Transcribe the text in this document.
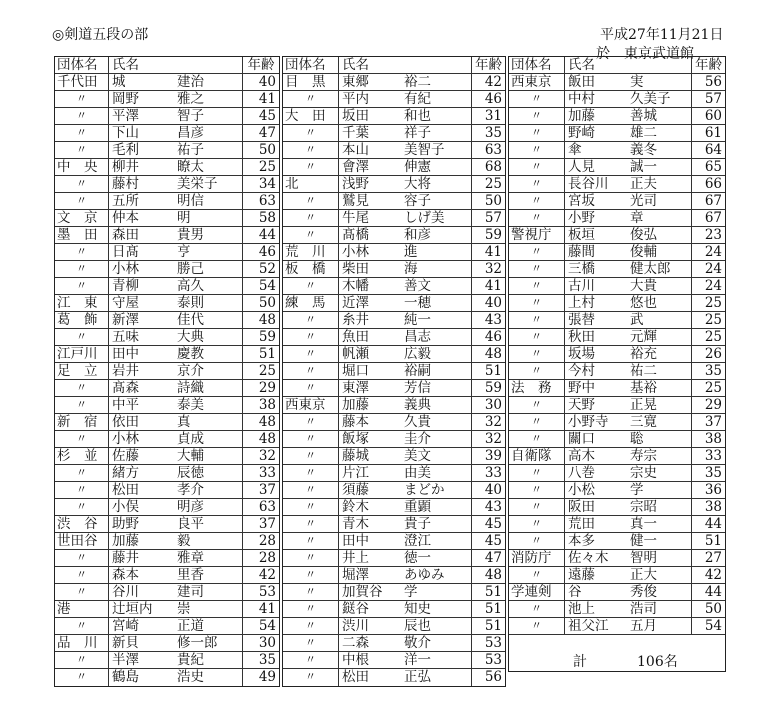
◎剣道五段の部	平成27年11月21日
於　東京武道館
団体名	氏名	年齢
千代田	城	建治	40
〃	岡野	雅之	41
〃	平澤	智子	45
〃	下山	昌彦	47
〃	毛利	祐子	50
中　央	柳井	瞭太	25
〃	藤村	美栄子	34
〃	五所	明信	63
文　京	仲本	明	58
墨　田	森田	貴男	44
〃	日髙	亨	46
〃	小林	勝己	52
〃	青柳	高久	54
江　東	守屋	泰則	50
葛　飾	新澤	佳代	48
〃	五味	大典	59
江戸川	田中	慶教	51
足　立	岩井	京介	25
〃	髙森	詩織	29
〃	中平	泰美	38
新　宿	依田	真	48
〃	小林	貞成	48
杉　並	佐藤	大輔	32
〃	緒方	辰徳	33
〃	松田	孝介	37
〃	小俣	明彦	63
渋　谷	助野	良平	37
世田谷	加藤	毅	28
〃	藤井	雅章	28
〃	森本	里香	42
〃	谷川	建司	53
港	辻垣内	崇	41
〃	宮崎	正道	54
品　川	新貝	修一郎	30
〃	半澤	貴紀	35
〃	鶴島	浩史	49
団体名	氏名	年齢
目　黒	東郷	裕二	42
〃	平内	有紀	46
大　田	坂田	和也	31
〃	千葉	祥子	35
〃	本山	美智子	63
〃	會澤	伸憲	68
北	浅野	大将	25
〃	鷲見	容子	50
〃	牛尾	しげ美	57
〃	髙橋	和彦	59
荒　川	小林	進	41
板　橋	柴田	海	32
〃	木幡	善文	41
練　馬	近澤	一穂	40
〃	糸井	純一	43
〃	魚田	昌志	46
〃	帆瀬	広毅	48
〃	堀口	裕嗣	51
〃	東澤	芳信	59
西東京	加藤	義典	30
〃	藤本	久貴	32
〃	飯塚	圭介	32
〃	藤城	美文	39
〃	片江	由美	33
〃	須藤	まどか	40
〃	鈴木	重顕	43
〃	青木	貴子	45
〃	田中	澄江	45
〃	井上	徳一	47
〃	堀澤	あゆみ	48
〃	加賀谷	学	51
〃	鎹谷	知史	51
〃	渋川	辰也	51
〃	二森	敬介	53
〃	中根	洋一	53
〃	松田	正弘	56
団体名	氏名	年齢
西東京	飯田	実	56
〃	中村	久美子	57
〃	加藤	善城	60
〃	野崎	雄二	61
〃	傘	義冬	64
〃	人見	誠一	65
〃	長谷川	正夫	66
〃	宮坂	光司	67
〃	小野	章	67
警視庁	板垣	俊弘	23
〃	藤間	俊輔	24
〃	三橋	健太郎	24
〃	古川	大貴	24
〃	上村	悠也	25
〃	張替	武	25
〃	秋田	元輝	25
〃	坂場	裕充	26
〃	今村	祐二	35
法　務	野中	基裕	25
〃	天野	正晃	29
〃	小野寺	三寛	37
〃	關口	聡	38
自衛隊	高木	寿宗	33
〃	八巻	宗史	35
〃	小松	学	36
〃	阪田	宗昭	38
〃	荒田	真一	44
〃	本多	健一	51
消防庁	佐々木	智明	27
〃	遠藤	正大	42
学連剣	谷	秀俊	44
〃	池上	浩司	50
〃	祖父江	五月	54
計	106名
